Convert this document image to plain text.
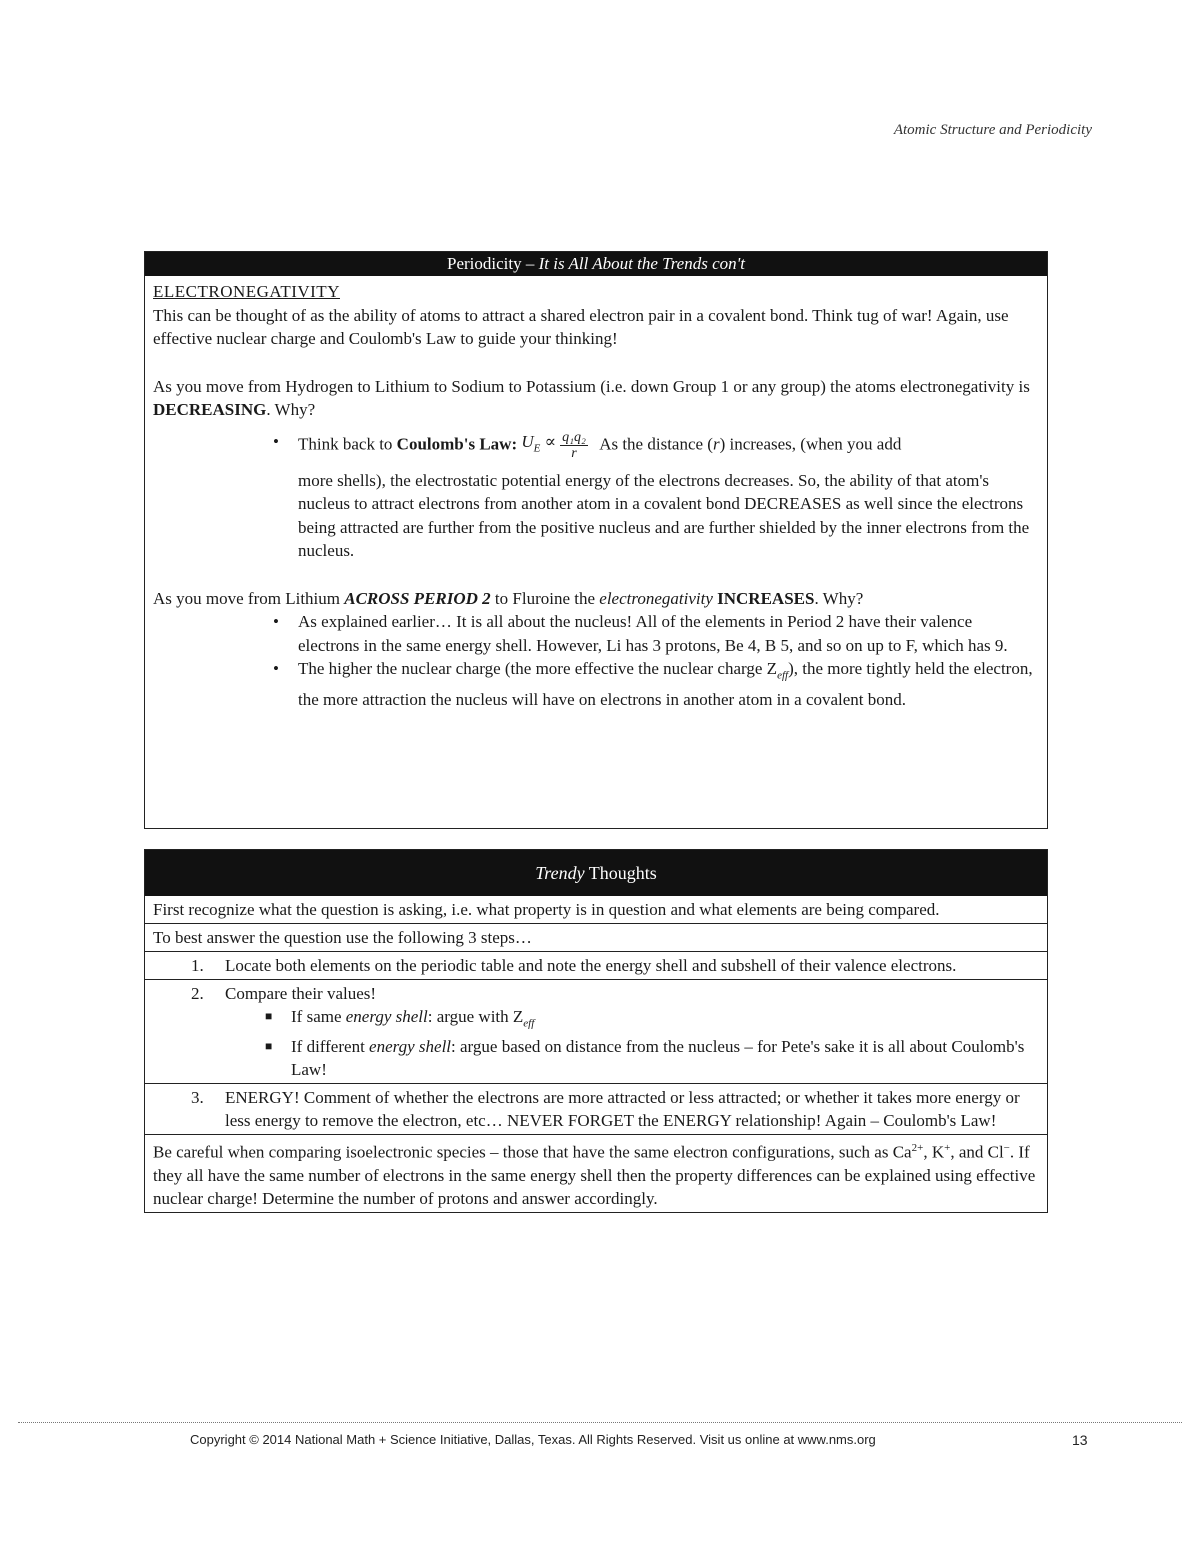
Atomic Structure and Periodicity
Periodicity – It is All About the Trends con't

ELECTRONEGATIVITY

This can be thought of as the ability of atoms to attract a shared electron pair in a covalent bond. Think tug of war! Again, use effective nuclear charge and Coulomb's Law to guide your thinking!

As you move from Hydrogen to Lithium to Sodium to Potassium (i.e. down Group 1 or any group) the atoms electronegativity is DECREASING. Why?

• Think back to Coulomb's Law: $U_E \propto \frac{\text{q₁q₂}}{r}$ As the distance (r) increases, (when you add

more shells), the electrostatic potential energy of the electrons decreases. So, the ability of that atom's nucleus to attract electrons from another atom in a covalent bond DECREASES as well since the electrons being attracted are further from the positive nucleus and are further shielded by the inner electrons from the nucleus.

As you move from Lithium ACROSS PERIOD 2 to Fluroine the electronegativity INCREASES. Why?

• As explained earlier… It is all about the nucleus! All of the elements in Period 2 have their valence electrons in the same energy shell. However, Li has 3 protons, Be 4, B 5, and so on up to F, which has 9.
• The higher the nuclear charge (the more effective the nuclear charge $Z_{eff}$), the more tightly held the electron, the more attraction the nucleus will have on electrons in another atom in a covalent bond.
Trendy Thoughts
First recognize what the question is asking, i.e. what property is in question and what elements are being compared.
To best answer the question use the following 3 steps…
1. Locate both elements on the periodic table and note the energy shell and subshell of their valence electrons.
2. Compare their values!
■ If same energy shell: argue with $Z_{eff}$
■ If different energy shell: argue based on distance from the nucleus – for Pete's sake it is all about Coulomb's Law!
3. ENERGY! Comment of whether the electrons are more attracted or less attracted; or whether it takes more energy or less energy to remove the electron, etc… NEVER FORGET the ENERGY relationship! Again – Coulomb's Law!
Be careful when comparing isoelectronic species – those that have the same electron configurations, such as $Ca^{2+}$, K+, and Cl−. If they all have the same number of electrons in the same energy shell then the property differences can be explained using effective nuclear charge! Determine the number of protons and answer accordingly.
Copyright © 2014 National Math + Science Initiative, Dallas, Texas. All Rights Reserved. Visit us online at www.nms.org	13
